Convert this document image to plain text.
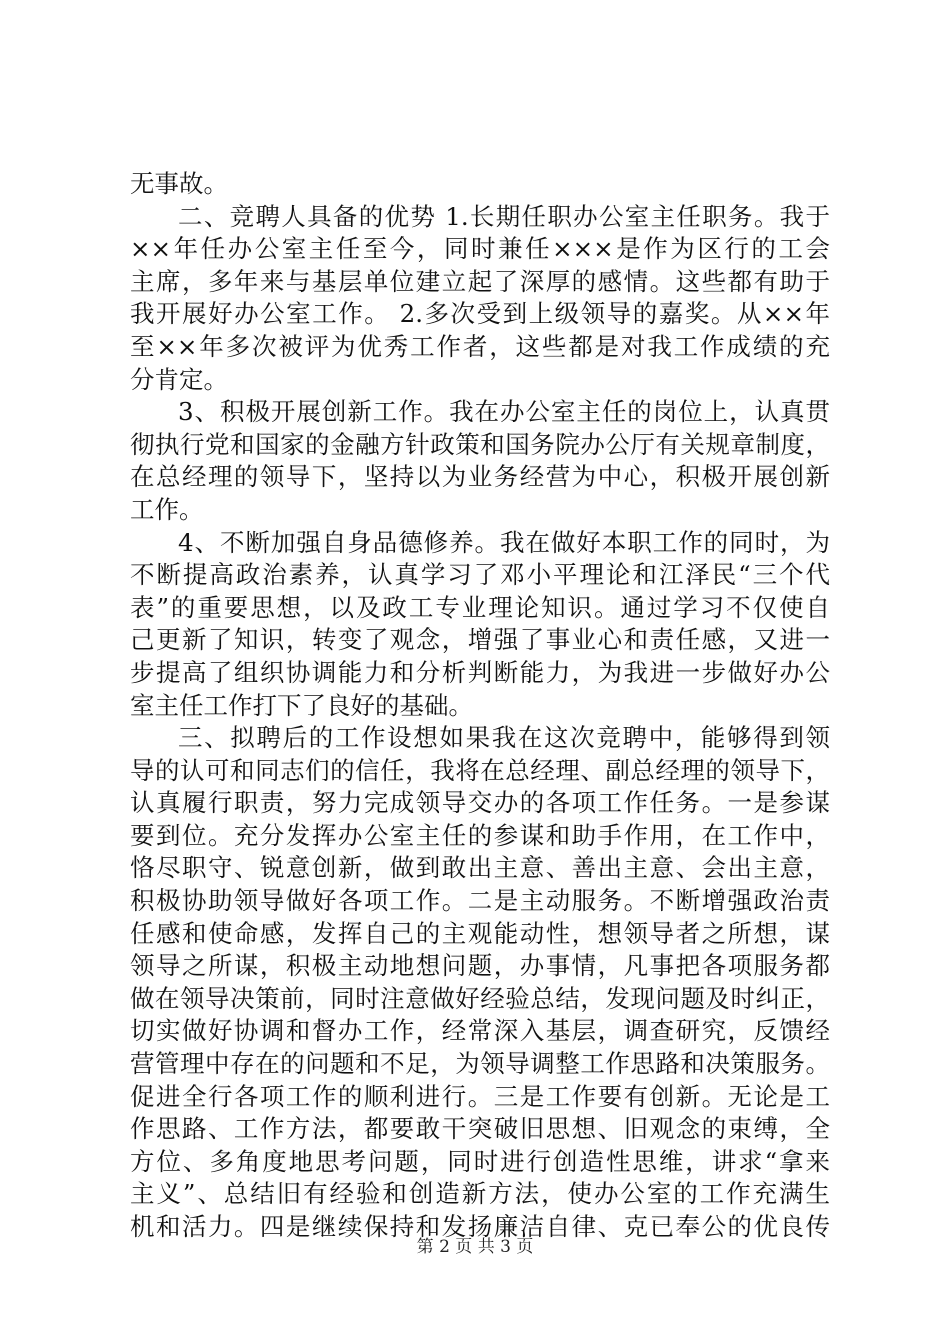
无事故。
二、竞聘人具备的优势 1.长期任职办公室主任职务。我于
××年任办公室主任至今，同时兼任×××是作为区行的工会
主席，多年来与基层单位建立起了深厚的感情。这些都有助于
我开展好办公室工作。 2.多次受到上级领导的嘉奖。从××年
至××年多次被评为优秀工作者，这些都是对我工作成绩的充
分肯定。
3、积极开展创新工作。我在办公室主任的岗位上，认真贯
彻执行党和国家的金融方针政策和国务院办公厅有关规章制度，
在总经理的领导下，坚持以为业务经营为中心，积极开展创新
工作。
4、不断加强自身品德修养。我在做好本职工作的同时，为
不断提高政治素养，认真学习了邓小平理论和江泽民“三个代
表”的重要思想，以及政工专业理论知识。通过学习不仅使自
己更新了知识，转变了观念，增强了事业心和责任感，又进一
步提高了组织协调能力和分析判断能力，为我进一步做好办公
室主任工作打下了良好的基础。
三、拟聘后的工作设想如果我在这次竞聘中，能够得到领
导的认可和同志们的信任，我将在总经理、副总经理的领导下，
认真履行职责，努力完成领导交办的各项工作任务。一是参谋
要到位。充分发挥办公室主任的参谋和助手作用，在工作中，
恪尽职守、锐意创新，做到敢出主意、善出主意、会出主意，
积极协助领导做好各项工作。二是主动服务。不断增强政治责
任感和使命感，发挥自己的主观能动性，想领导者之所想，谋
领导之所谋，积极主动地想问题，办事情，凡事把各项服务都
做在领导决策前，同时注意做好经验总结，发现问题及时纠正，
切实做好协调和督办工作，经常深入基层，调查研究，反馈经
营管理中存在的问题和不足，为领导调整工作思路和决策服务。
促进全行各项工作的顺利进行。三是工作要有创新。无论是工
作思路、工作方法，都要敢干突破旧思想、旧观念的束缚，全
方位、多角度地思考问题，同时进行创造性思维，讲求“拿来
主义”、总结旧有经验和创造新方法，使办公室的工作充满生
机和活力。四是继续保持和发扬廉洁自律、克已奉公的优良传
第 2 页 共 3 页
